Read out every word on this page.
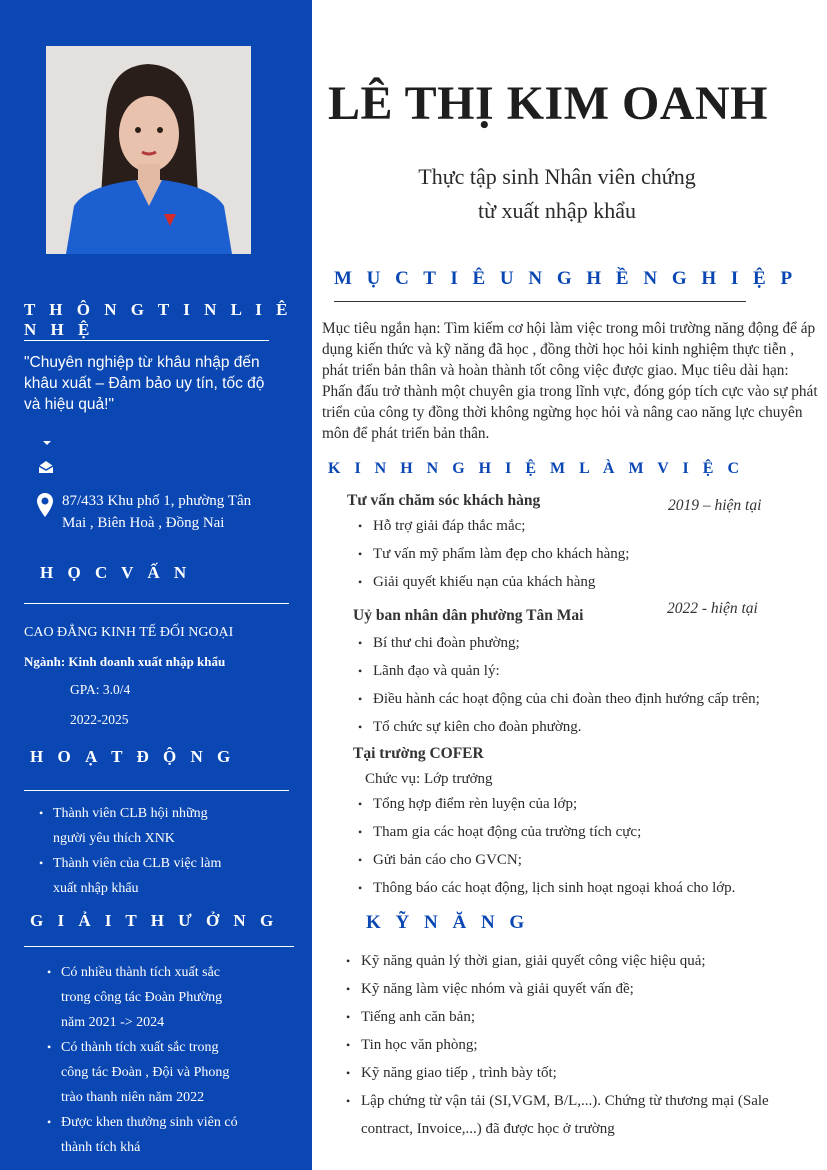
T H Ô N G T I N L I Ê N H Ệ

"Chuyên nghiệp từ khâu nhập đến khâu xuất – Đảm bảo uy tín, tốc độ và hiệu quả!"

87/433 Khu phố 1, phường Tân

Mai , Biên Hoà , Đồng Nai

H Ọ C V Ấ N

CAO ĐẲNG KINH TẾ ĐỐI NGOẠI

Ngành: Kinh doanh xuất nhập khẩu

GPA: 3.0/4

2022-2025

H O Ạ T Đ Ộ N G

• Thành viên CLB hội những
người yêu thích XNK
• Thành viên của CLB việc làm
xuất nhập khẩu

G I Ả I T H Ư Ở N G

• Có nhiều thành tích xuất sắc
trong công tác Đoàn Phường
năm 2021 -> 2024
• Có thành tích xuất sắc trong
công tác Đoàn , Đội và Phong
trào thanh niên năm 2022
• Được khen thưởng sinh viên có
thành tích khá

LÊ THỊ KIM OANH

Thực tập sinh Nhân viên chứng
từ xuất nhập khẩu

M Ụ C T I Ê U N G H Ề N G H I Ệ P

Mục tiêu ngắn hạn: Tìm kiếm cơ hội làm việc trong môi trường năng động để áp dụng kiến thức và kỹ năng đã học , đồng thời học hỏi kinh nghiệm thực tiễn , phát triển bản thân và hoàn thành tốt công việc được giao. Mục tiêu dài hạn: Phấn đấu trở thành một chuyên gia trong lĩnh vực, đóng góp tích cực vào sự phát triển của công ty đồng thời không ngừng học hỏi và nâng cao năng lực chuyên môn để phát triển bản thân.

K I N H N G H I Ệ M L À M V I Ệ C

Tư vấn chăm sóc khách hàng	2019 – hiện tại

• Hỗ trợ giải đáp thắc mắc;
• Tư vấn mỹ phẩm làm đẹp cho khách hàng;
• Giải quyết khiếu nạn của khách hàng

Uỷ ban nhân dân phường Tân Mai	2022 - hiện tại

• Bí thư chi đoàn phường;
• Lãnh đạo và quản lý:
• Điều hành các hoạt động của chi đoàn theo định hướng cấp trên;
• Tổ chức sự kiên cho đoàn phường.

Tại trường COFER

Chức vụ: Lớp trưởng

• Tổng hợp điểm rèn luyện của lớp;
• Tham gia các hoạt động của trường tích cực;
• Gửi bản cáo cho GVCN;
• Thông báo các hoạt động, lịch sinh hoạt ngoại khoá cho lớp.

K Ỹ N Ă N G

• Kỹ năng quản lý thời gian, giải quyết công việc hiệu quả;
• Kỹ năng làm việc nhóm và giải quyết vấn đề;
• Tiếng anh căn bản;
• Tin học văn phòng;
• Kỹ năng giao tiếp , trình bày tốt;
• Lập chứng từ vận tải (SI,VGM, B/L,...). Chứng từ thương mại (Sale
contract, Invoice,...) đã được học ở trường
